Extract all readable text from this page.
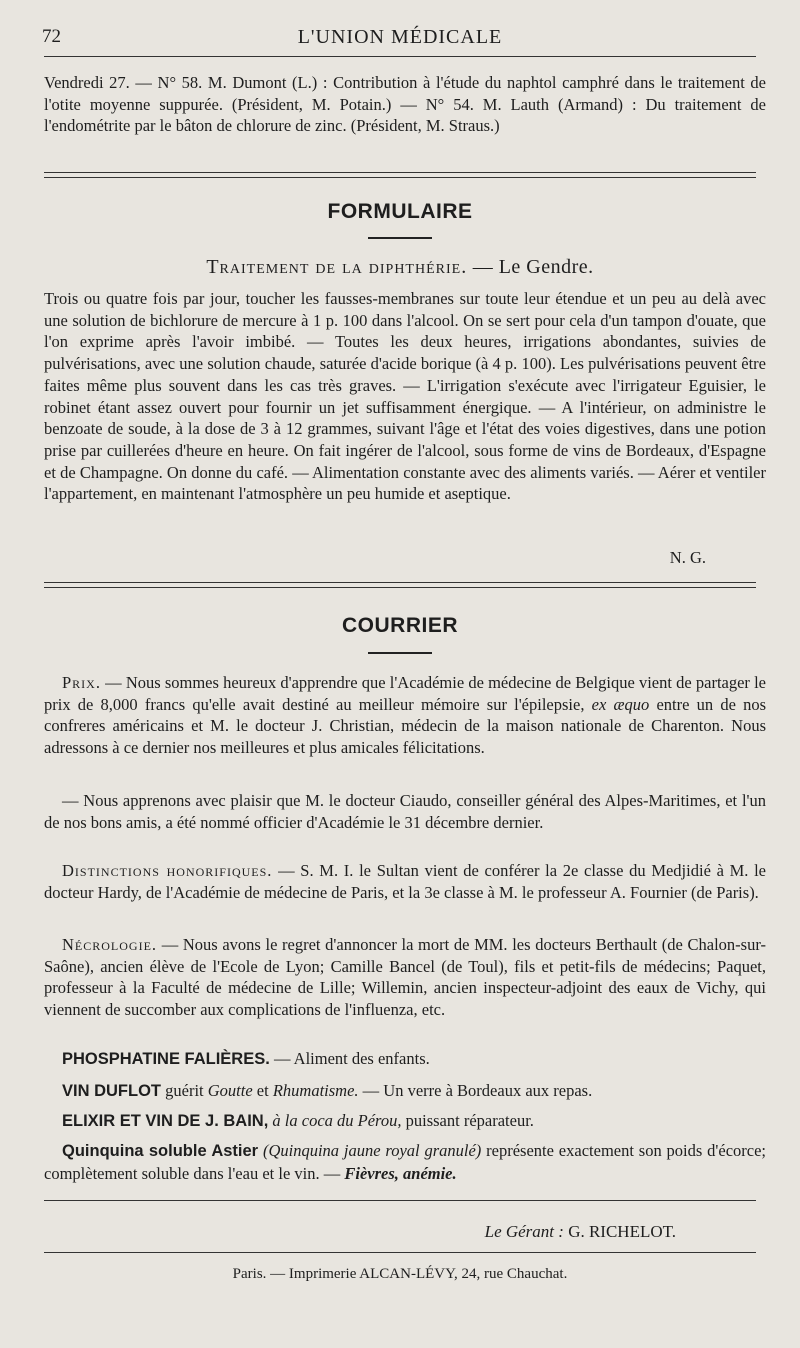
72	L'UNION MÉDICALE
Vendredi 27. — N° 58. M. Dumont (L.) : Contribution à l'étude du naphtol camphré dans le traitement de l'otite moyenne suppurée. (Président, M. Potain.) — N° 54. M. Lauth (Armand) : Du traitement de l'endométrite par le bâton de chlorure de zinc. (Président, M. Straus.)
FORMULAIRE
Traitement de la diphthérie. — Le Gendre.
Trois ou quatre fois par jour, toucher les fausses-membranes sur toute leur étendue et un peu au delà avec une solution de bichlorure de mercure à 1 p. 100 dans l'alcool. On se sert pour cela d'un tampon d'ouate, que l'on exprime après l'avoir imbibé. — Toutes les deux heures, irrigations abondantes, suivies de pulvérisations, avec une solution chaude, saturée d'acide borique (à 4 p. 100). Les pulvérisations peuvent être faites même plus souvent dans les cas très graves. — L'irrigation s'exécute avec l'irrigateur Eguisier, le robinet étant assez ouvert pour fournir un jet suffisamment énergique. — A l'intérieur, on administre le benzoate de soude, à la dose de 3 à 12 grammes, suivant l'âge et l'état des voies digestives, dans une potion prise par cuillerées d'heure en heure. On fait ingérer de l'alcool, sous forme de vins de Bordeaux, d'Espagne et de Champagne. On donne du café. — Alimentation constante avec des aliments variés. — Aérer et ventiler l'appartement, en maintenant l'atmosphère un peu humide et aseptique.
N. G.
COURRIER
Prix. — Nous sommes heureux d'apprendre que l'Académie de médecine de Belgique vient de partager le prix de 8,000 francs qu'elle avait destiné au meilleur mémoire sur l'épilepsie, ex æquo entre un de nos confreres américains et M. le docteur J. Christian, médecin de la maison nationale de Charenton. Nous adressons à ce dernier nos meilleures et plus amicales félicitations.
— Nous apprenons avec plaisir que M. le docteur Ciaudo, conseiller général des Alpes-Maritimes, et l'un de nos bons amis, a été nommé officier d'Académie le 31 décembre dernier.
Distinctions honorifiques. — S. M. I. le Sultan vient de conférer la 2e classe du Medjidié à M. le docteur Hardy, de l'Académie de médecine de Paris, et la 3e classe à M. le professeur A. Fournier (de Paris).
Nécrologie. — Nous avons le regret d'annoncer la mort de MM. les docteurs Berthault (de Chalon-sur-Saône), ancien élève de l'Ecole de Lyon; Camille Bancel (de Toul), fils et petit-fils de médecins; Paquet, professeur à la Faculté de médecine de Lille; Willemin, ancien inspecteur-adjoint des eaux de Vichy, qui viennent de succomber aux complications de l'influenza, etc.
PHOSPHATINE FALIÈRES. — Aliment des enfants.
VIN DUFLOT guérit Goutte et Rhumatisme. — Un verre à Bordeaux aux repas.
ELIXIR ET VIN DE J. BAIN, à la coca du Pérou, puissant réparateur.
Quinquina soluble Astier (Quinquina jaune royal granulé) représente exactement son poids d'écorce; complètement soluble dans l'eau et le vin. — Fièvres, anémie.
Le Gérant : G. RICHELOT.
Paris. — Imprimerie ALCAN-LÉVY, 24, rue Chauchat.
